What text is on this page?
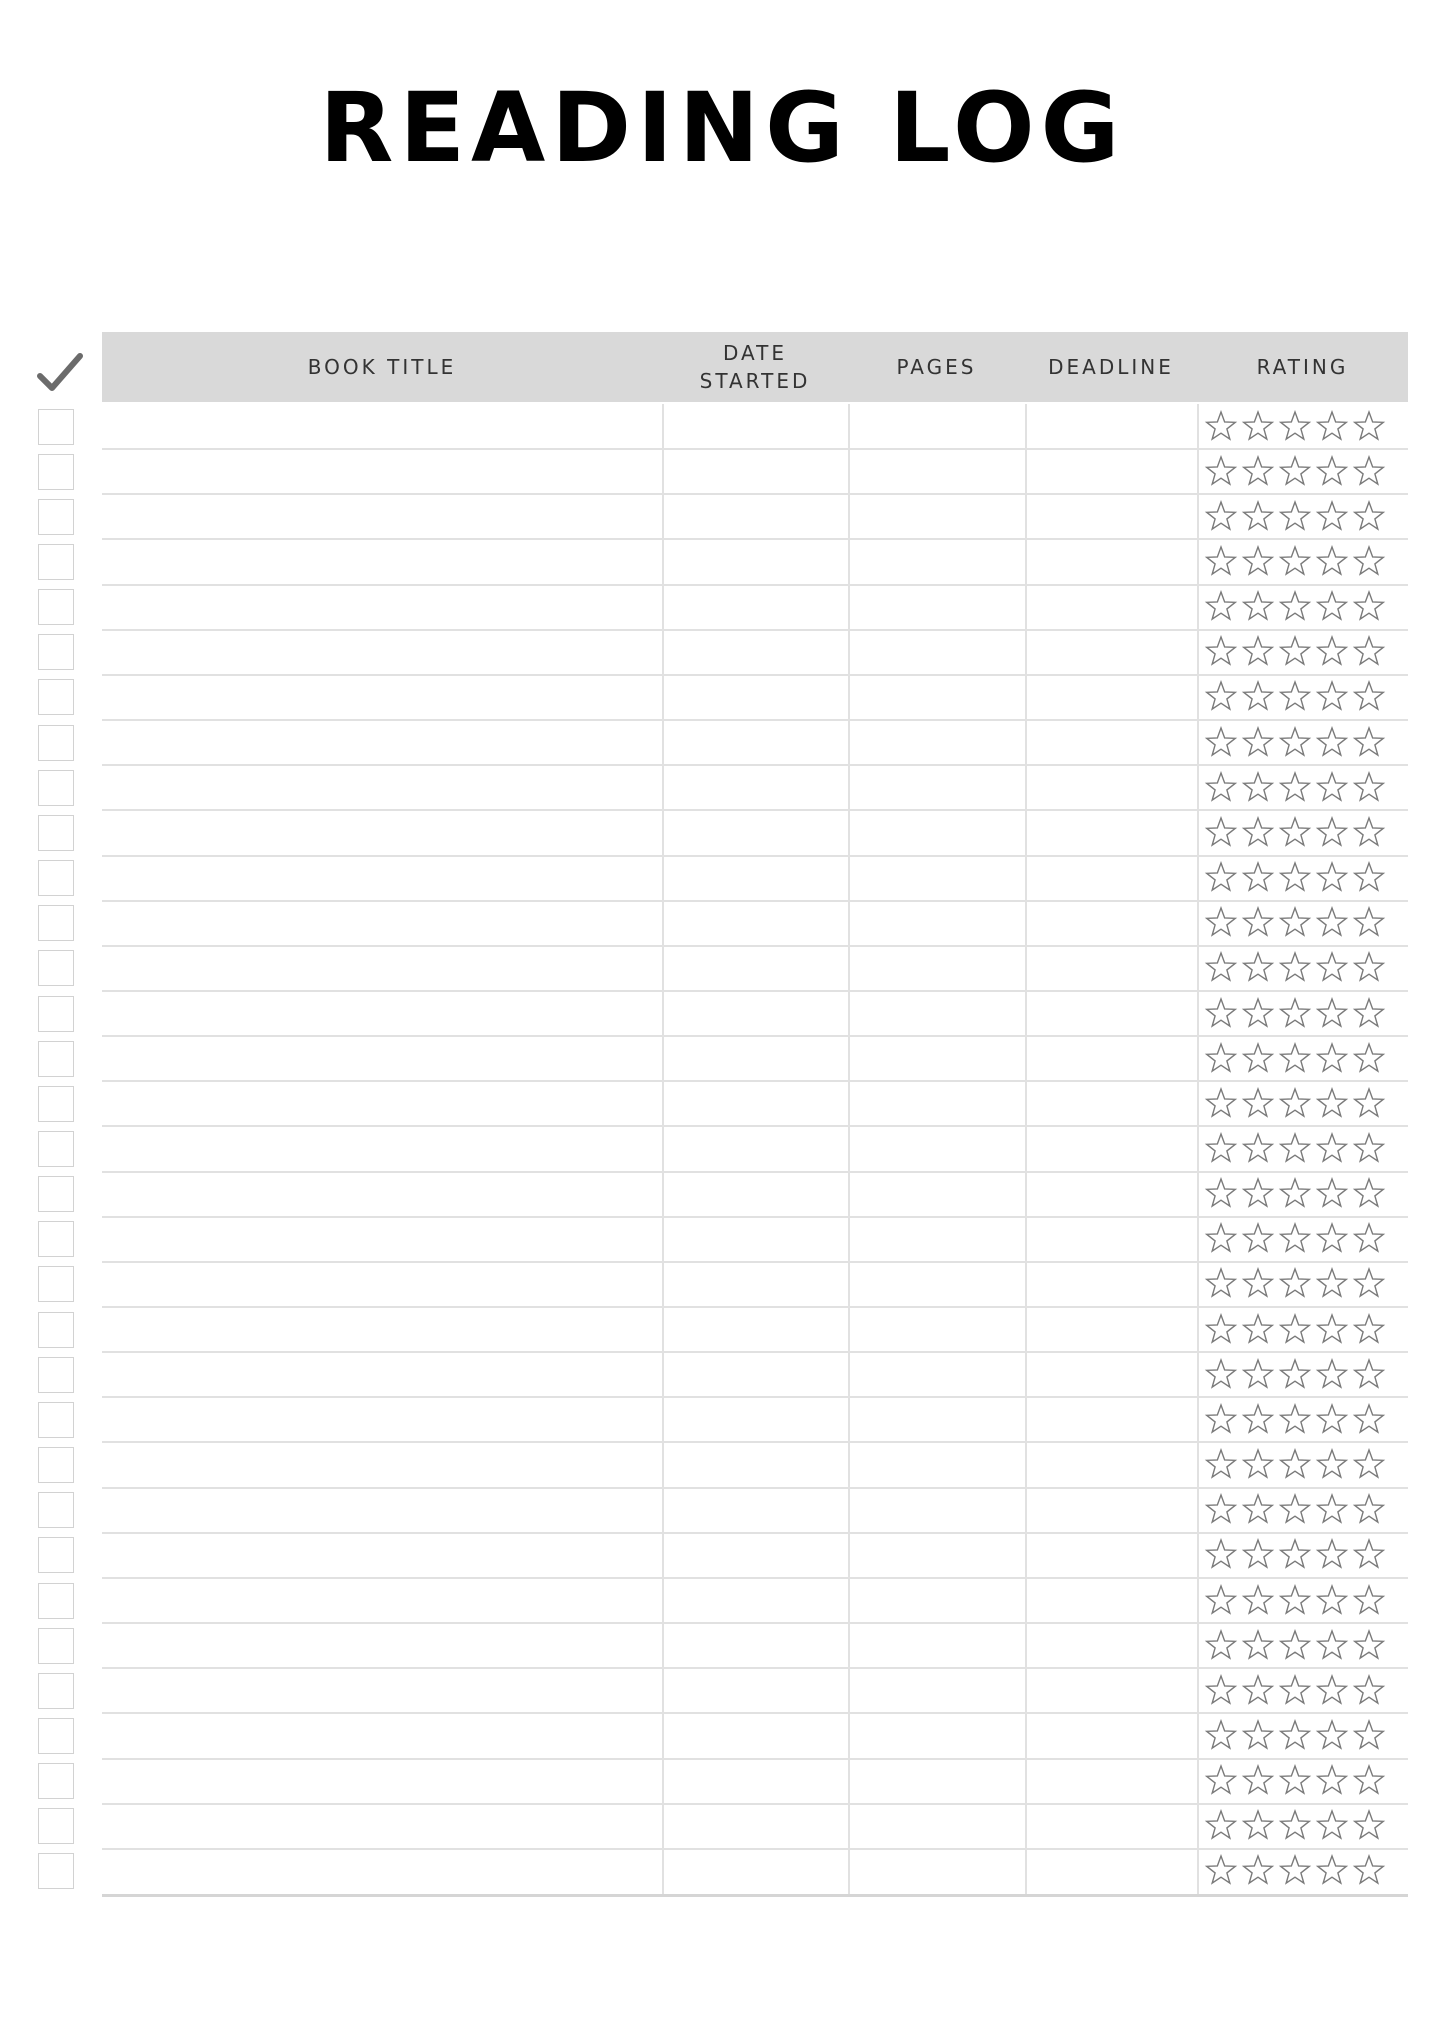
READING LOG
BOOK TITLE
DATE
STARTED
PAGES	DEADLINE	RATING
